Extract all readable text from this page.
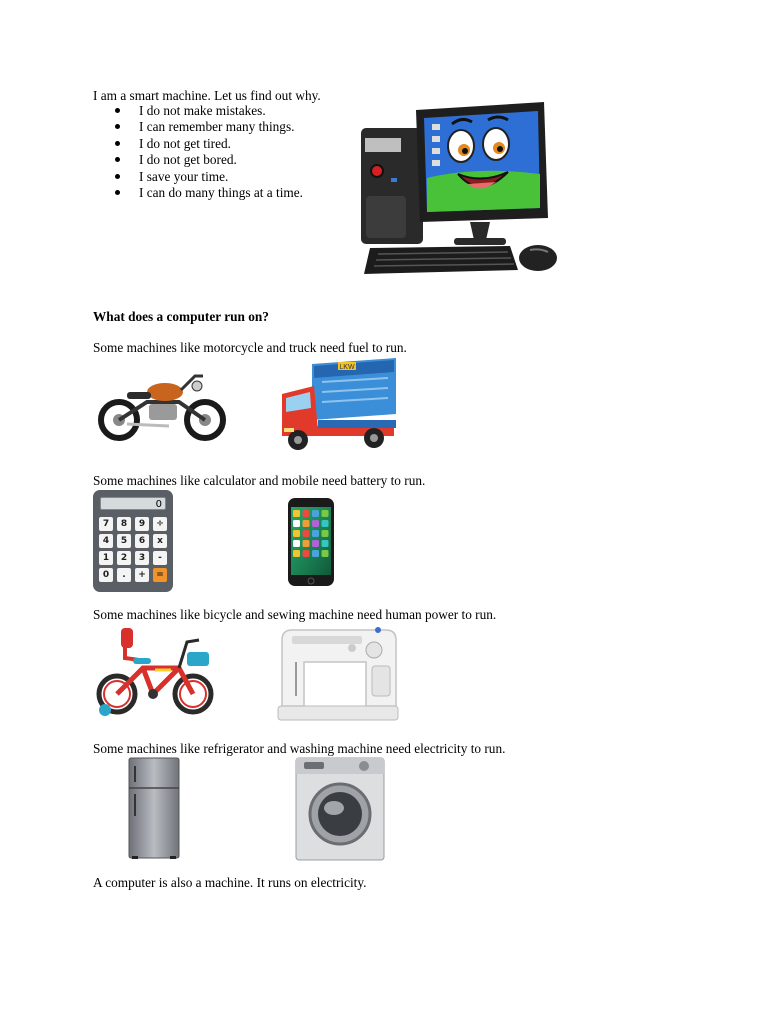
I am a smart machine. Let us find out why.
I do not make mistakes.
I can remember many things.
I do not get tired.
I do not get bored.
I save your time.
I can do many things at a time.
What does a computer run on?
Some machines like motorcycle and truck need fuel to run.
LKW
Some machines like calculator and mobile need battery to run.
0
7	8	9	÷
4	5	6	x
1	2	3	-
0	.	+	=
Some machines like bicycle and sewing machine need human power to run.
Some machines like refrigerator and washing machine need electricity to run.
A computer is also a machine. It runs on electricity.
